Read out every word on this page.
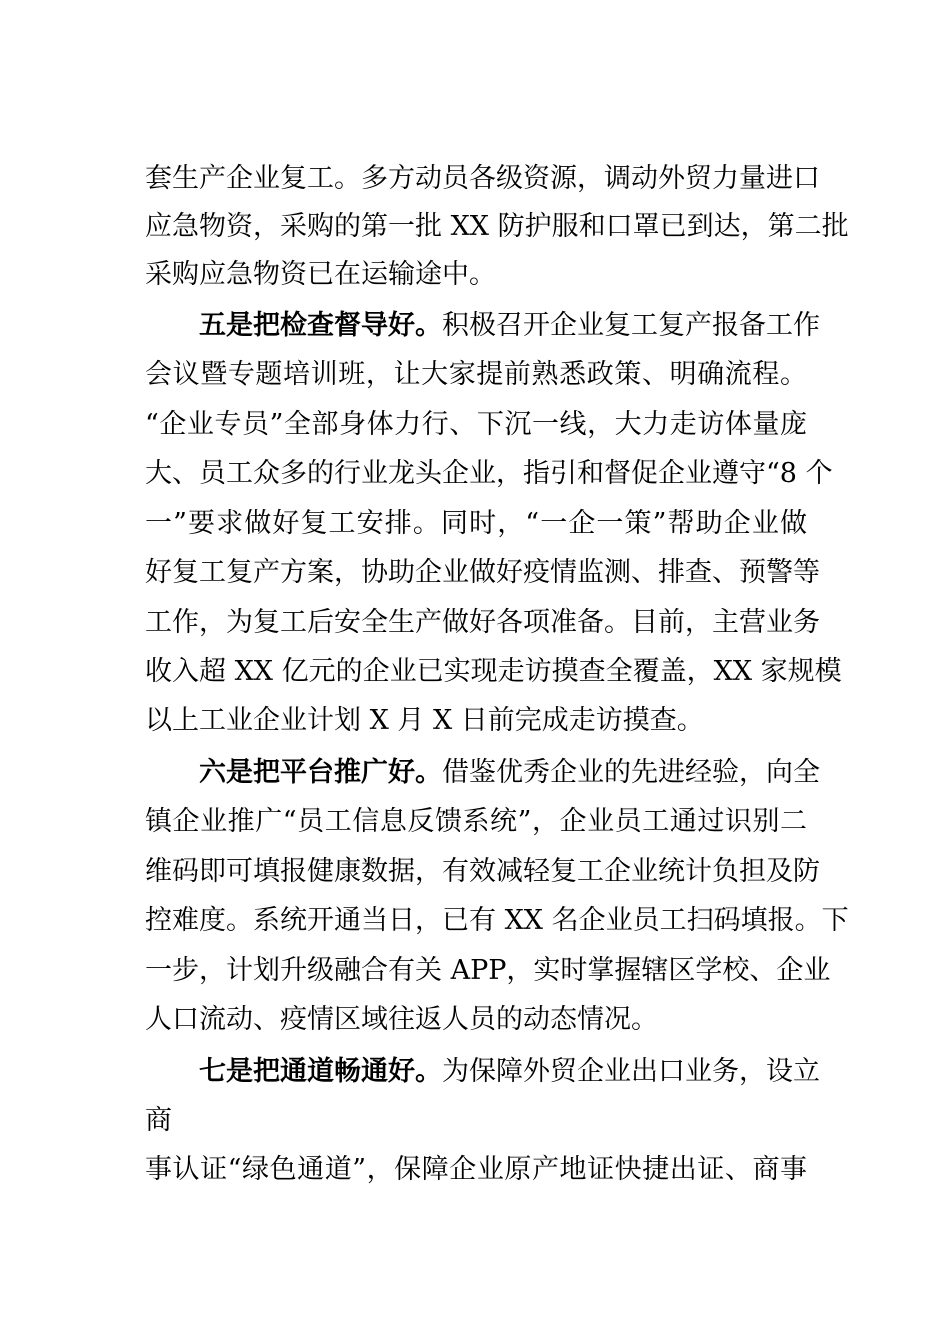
套生产企业复工。多方动员各级资源，调动外贸力量进口
应急物资，采购的第一批 XX 防护服和口罩已到达，第二批
采购应急物资已在运输途中。
五是把检查督导好。积极召开企业复工复产报备工作
会议暨专题培训班，让大家提前熟悉政策、明确流程。
“企业专员”全部身体力行、下沉一线，大力走访体量庞
大、员工众多的行业龙头企业，指引和督促企业遵守“8 个
一”要求做好复工安排。同时，“一企一策”帮助企业做
好复工复产方案，协助企业做好疫情监测、排查、预警等
工作，为复工后安全生产做好各项准备。目前，主营业务
收入超 XX 亿元的企业已实现走访摸查全覆盖，XX 家规模
以上工业企业计划 X 月 X 日前完成走访摸查。
六是把平台推广好。借鉴优秀企业的先进经验，向全
镇企业推广“员工信息反馈系统”，企业员工通过识别二
维码即可填报健康数据，有效减轻复工企业统计负担及防
控难度。系统开通当日，已有 XX 名企业员工扫码填报。下
一步，计划升级融合有关 APP，实时掌握辖区学校、企业
人口流动、疫情区域往返人员的动态情况。
七是把通道畅通好。为保障外贸企业出口业务，设立
商
事认证“绿色通道”，保障企业原产地证快捷出证、商事
